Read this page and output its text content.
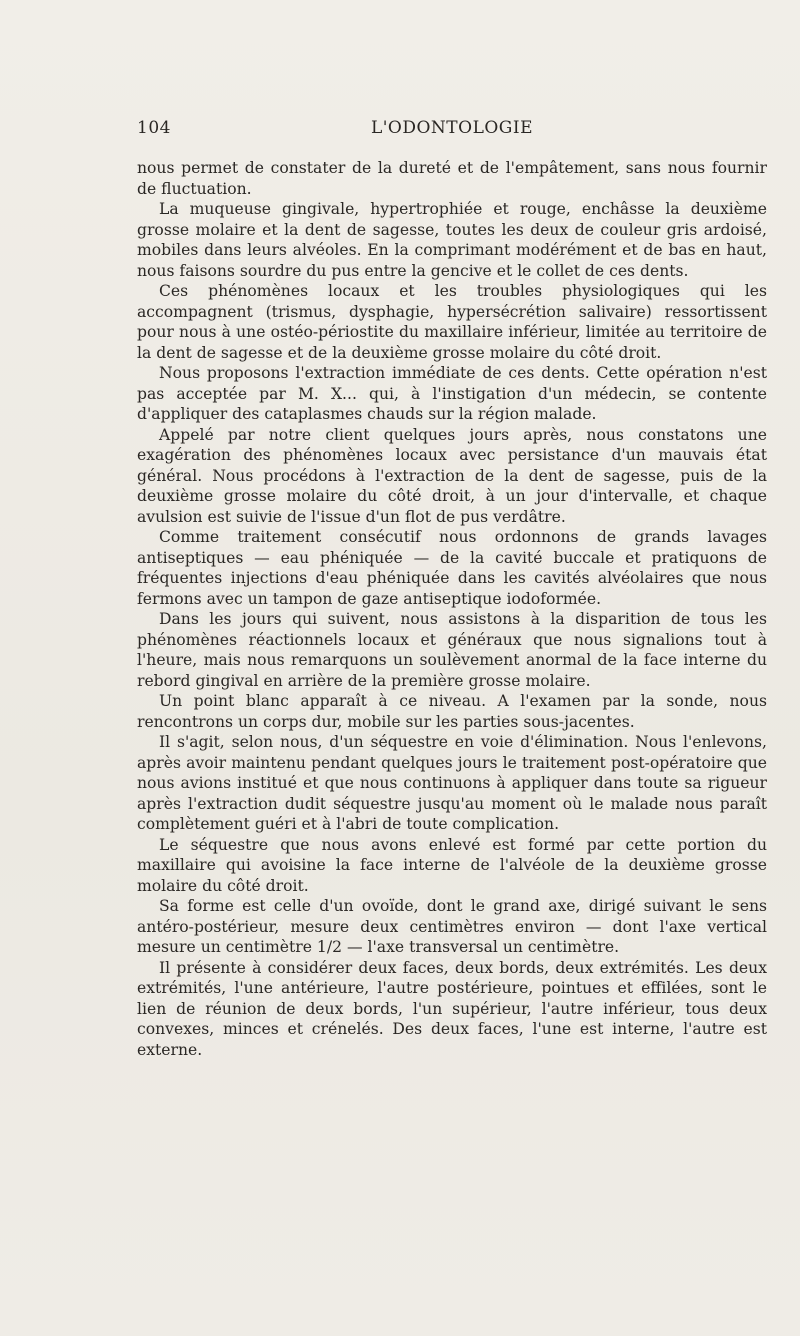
104	L'ODONTOLOGIE

nous permet de constater de la dureté et de l'empâtement, sans nous fournir de fluctuation.

La muqueuse gingivale, hypertrophiée et rouge, enchâsse la deuxième grosse molaire et la dent de sagesse, toutes les deux de couleur gris ardoisé, mobiles dans leurs alvéoles. En la comprimant modérément et de bas en haut, nous faisons sourdre du pus entre la gencive et le collet de ces dents.

Ces phénomènes locaux et les troubles physiologiques qui les accompagnent (trismus, dysphagie, hypersécrétion salivaire) ressortissent pour nous à une ostéo-périostite du maxillaire inférieur, limitée au territoire de la dent de sagesse et de la deuxième grosse molaire du côté droit.

Nous proposons l'extraction immédiate de ces dents. Cette opération n'est pas acceptée par M. X... qui, à l'instigation d'un médecin, se contente d'appliquer des cataplasmes chauds sur la région malade.

Appelé par notre client quelques jours après, nous constatons une exagération des phénomènes locaux avec persistance d'un mauvais état général. Nous procédons à l'extraction de la dent de sagesse, puis de la deuxième grosse molaire du côté droit, à un jour d'intervalle, et chaque avulsion est suivie de l'issue d'un flot de pus verdâtre.

Comme traitement consécutif nous ordonnons de grands lavages antiseptiques — eau phéniquée — de la cavité buccale et pratiquons de fréquentes injections d'eau phéniquée dans les cavités alvéolaires que nous fermons avec un tampon de gaze antiseptique iodoformée.

Dans les jours qui suivent, nous assistons à la disparition de tous les phénomènes réactionnels locaux et généraux que nous signalions tout à l'heure, mais nous remarquons un soulèvement anormal de la face interne du rebord gingival en arrière de la première grosse molaire.

Un point blanc apparaît à ce niveau. A l'examen par la sonde, nous rencontrons un corps dur, mobile sur les parties sous-jacentes.

Il s'agit, selon nous, d'un séquestre en voie d'élimination. Nous l'enlevons, après avoir maintenu pendant quelques jours le traitement post-opératoire que nous avions institué et que nous continuons à appliquer dans toute sa rigueur après l'extraction dudit séquestre jusqu'au moment où le malade nous paraît complètement guéri et à l'abri de toute complication.

Le séquestre que nous avons enlevé est formé par cette portion du maxillaire qui avoisine la face interne de l'alvéole de la deuxième grosse molaire du côté droit.

Sa forme est celle d'un ovoïde, dont le grand axe, dirigé suivant le sens antéro-postérieur, mesure deux centimètres environ — dont l'axe vertical mesure un centimètre 1/2 — l'axe transversal un centimètre.

Il présente à considérer deux faces, deux bords, deux extrémités. Les deux extrémités, l'une antérieure, l'autre postérieure, pointues et effilées, sont le lien de réunion de deux bords, l'un supérieur, l'autre inférieur, tous deux convexes, minces et crénelés. Des deux faces, l'une est interne, l'autre est externe.
